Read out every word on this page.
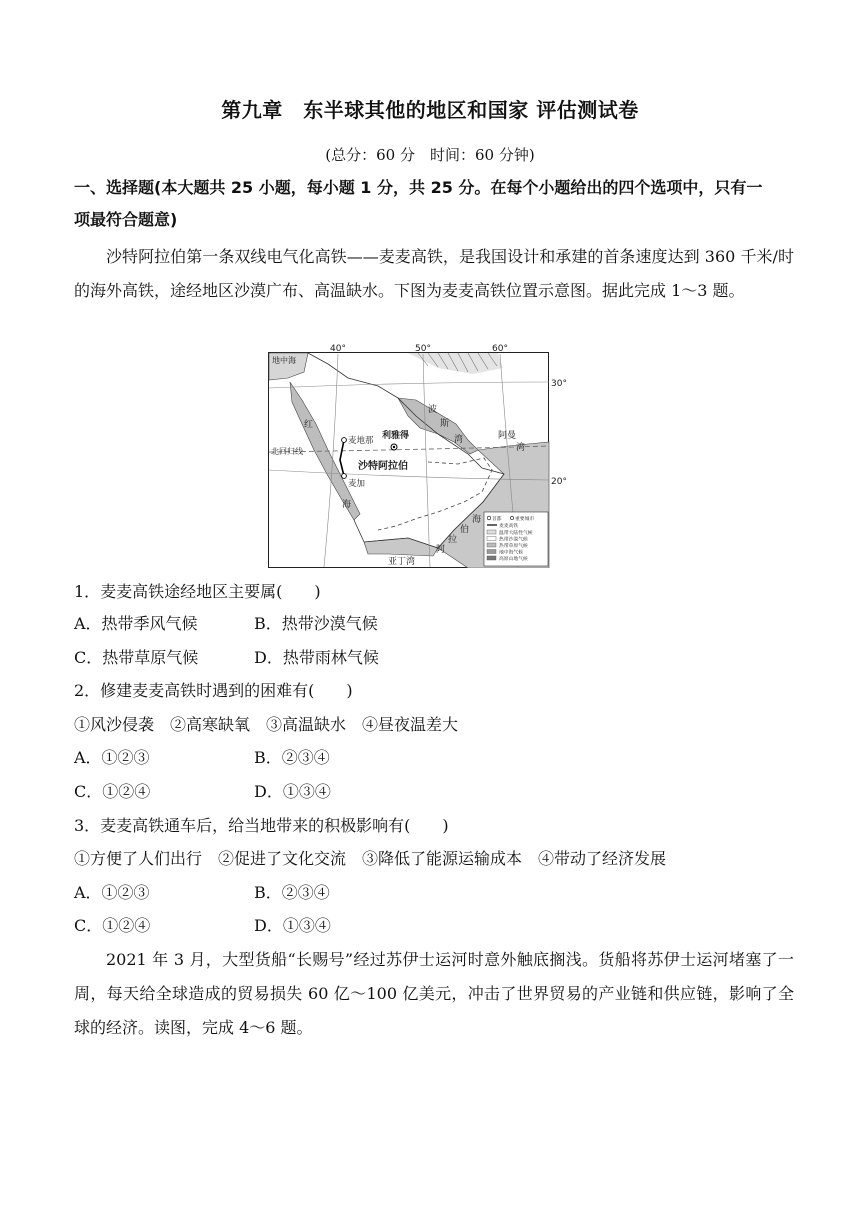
第九章　东半球其他的地区和国家 评估测试卷
(总分：60 分　时间：60 分钟)
一、选择题(本大题共 25 小题，每小题 1 分，共 25 分。在每个小题给出的四个选项中，只有一
项最符合题意)
沙特阿拉伯第一条双线电气化高铁——麦麦高铁，是我国设计和承建的首条速度达到 360 千米/时的海外高铁，途经地区沙漠广布、高温缺水。下图为麦麦高铁位置示意图。据此完成 1～3 题。
40°	50°	60°
30°
20°
地中海
红
海
波
斯
湾	阿曼
湾
北回归线
麦地那 利雅得
沙特阿拉伯
麦加
亚丁湾
阿
拉
伯
海 首都	重要城市
麦麦高铁
温带大陆性气候
热带沙漠气候
热带草原气候
地中海气候
高原山地气候
1．麦麦高铁途经地区主要属(　　)
A．热带季风气候	B．热带沙漠气候
C．热带草原气候	D．热带雨林气候
2．修建麦麦高铁时遇到的困难有(　　)
①风沙侵袭　②高寒缺氧　③高温缺水　④昼夜温差大
A．①②③	B．②③④
C．①②④	D．①③④
3．麦麦高铁通车后，给当地带来的积极影响有(　　)
①方便了人们出行　②促进了文化交流　③降低了能源运输成本　④带动了经济发展
A．①②③	B．②③④
C．①②④	D．①③④
2021 年 3 月，大型货船“长赐号”经过苏伊士运河时意外触底搁浅。货船将苏伊士运河堵塞了一周，每天给全球造成的贸易损失 60 亿～100 亿美元，冲击了世界贸易的产业链和供应链，影响了全球的经济。读图，完成 4～6 题。
